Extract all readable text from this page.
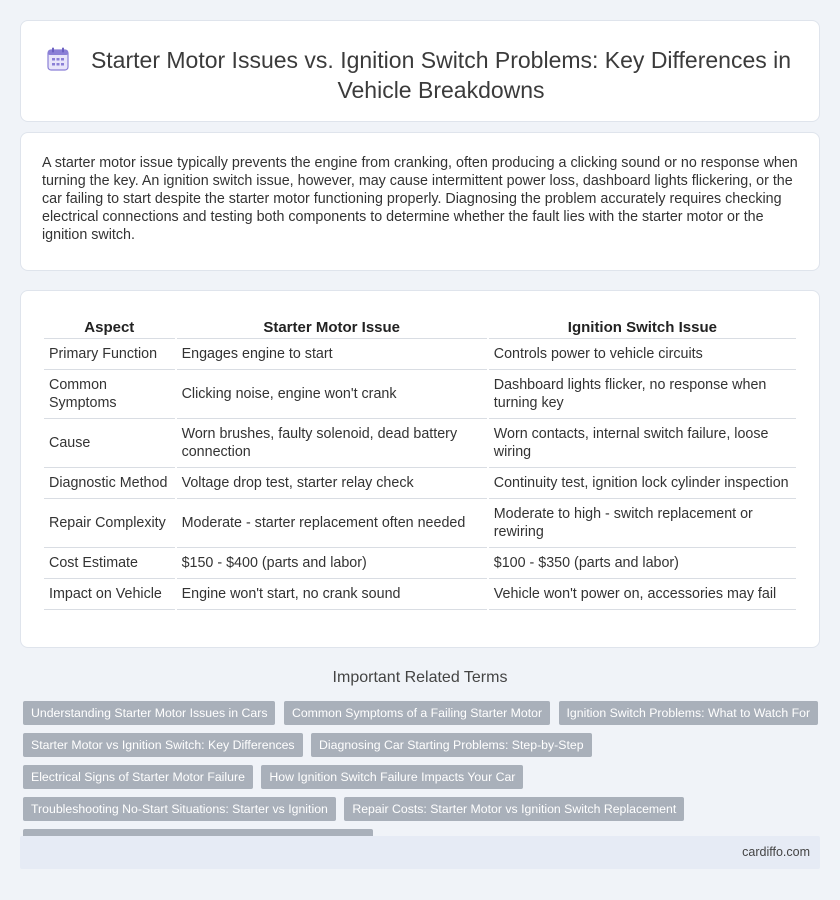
Starter Motor Issues vs. Ignition Switch Problems: Key Differences in Vehicle Breakdowns

A starter motor issue typically prevents the engine from cranking, often producing a clicking sound or no response when turning the key. An ignition switch issue, however, may cause intermittent power loss, dashboard lights flickering, or the car failing to start despite the starter motor functioning properly. Diagnosing the problem accurately requires checking electrical connections and testing both components to determine whether the fault lies with the starter motor or the ignition switch.

Aspect	Starter Motor Issue	Ignition Switch Issue
Primary Function	Engages engine to start	Controls power to vehicle circuits
Common Symptoms	Clicking noise, engine won't crank	Dashboard lights flicker, no response when turning key
Cause	Worn brushes, faulty solenoid, dead battery connection	Worn contacts, internal switch failure, loose wiring
Diagnostic Method	Voltage drop test, starter relay check	Continuity test, ignition lock cylinder inspection
Repair Complexity	Moderate - starter replacement often needed	Moderate to high - switch replacement or rewiring
Cost Estimate	$150 - $400 (parts and labor)	$100 - $350 (parts and labor)
Impact on Vehicle	Engine won't start, no crank sound	Vehicle won't power on, accessories may fail
Important Related Terms
Understanding Starter Motor Issues in Cars Common Symptoms of a Failing Starter Motor Ignition Switch Problems: What to Watch For Starter Motor vs Ignition Switch: Key Differences Diagnosing Car Starting Problems: Step-by-Step Electrical Signs of Starter Motor Failure How Ignition Switch Failure Impacts Your Car Troubleshooting No-Start Situations: Starter vs Ignition Repair Costs: Starter Motor vs Ignition Switch Replacement
cardiffo.com
